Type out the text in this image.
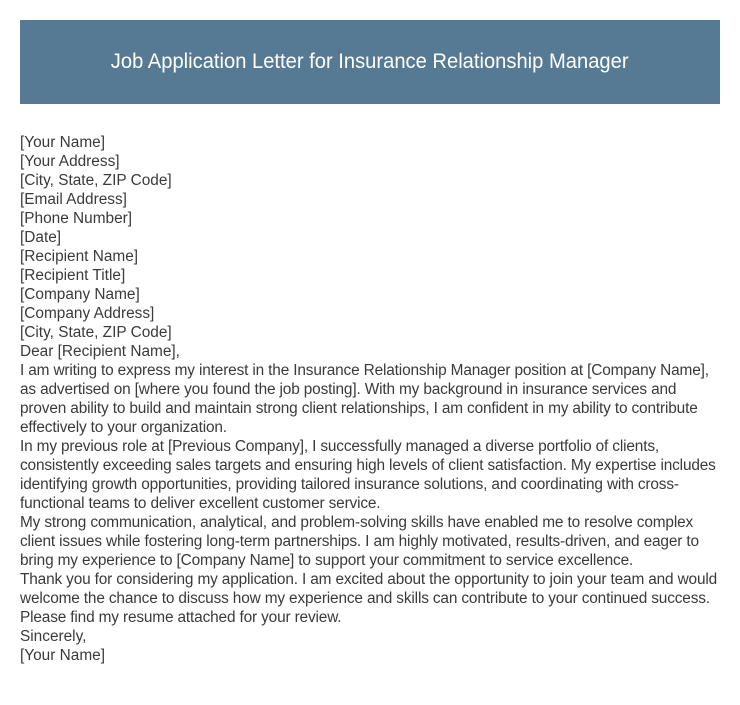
Job Application Letter for Insurance Relationship Manager
[Your Name]
[Your Address]
[City, State, ZIP Code]
[Email Address]
[Phone Number]
[Date]
[Recipient Name]
[Recipient Title]
[Company Name]
[Company Address]
[City, State, ZIP Code]
Dear [Recipient Name],

I am writing to express my interest in the Insurance Relationship Manager position at [Company Name], as advertised on [where you found the job posting]. With my background in insurance services and proven ability to build and maintain strong client relationships, I am confident in my ability to contribute effectively to your organization.

In my previous role at [Previous Company], I successfully managed a diverse portfolio of clients, consistently exceeding sales targets and ensuring high levels of client satisfaction. My expertise includes identifying growth opportunities, providing tailored insurance solutions, and coordinating with cross-functional teams to deliver excellent customer service.

My strong communication, analytical, and problem-solving skills have enabled me to resolve complex client issues while fostering long-term partnerships. I am highly motivated, results-driven, and eager to bring my experience to [Company Name] to support your commitment to service excellence.

Thank you for considering my application. I am excited about the opportunity to join your team and would welcome the chance to discuss how my experience and skills can contribute to your continued success. Please find my resume attached for your review.

Sincerely,
[Your Name]
